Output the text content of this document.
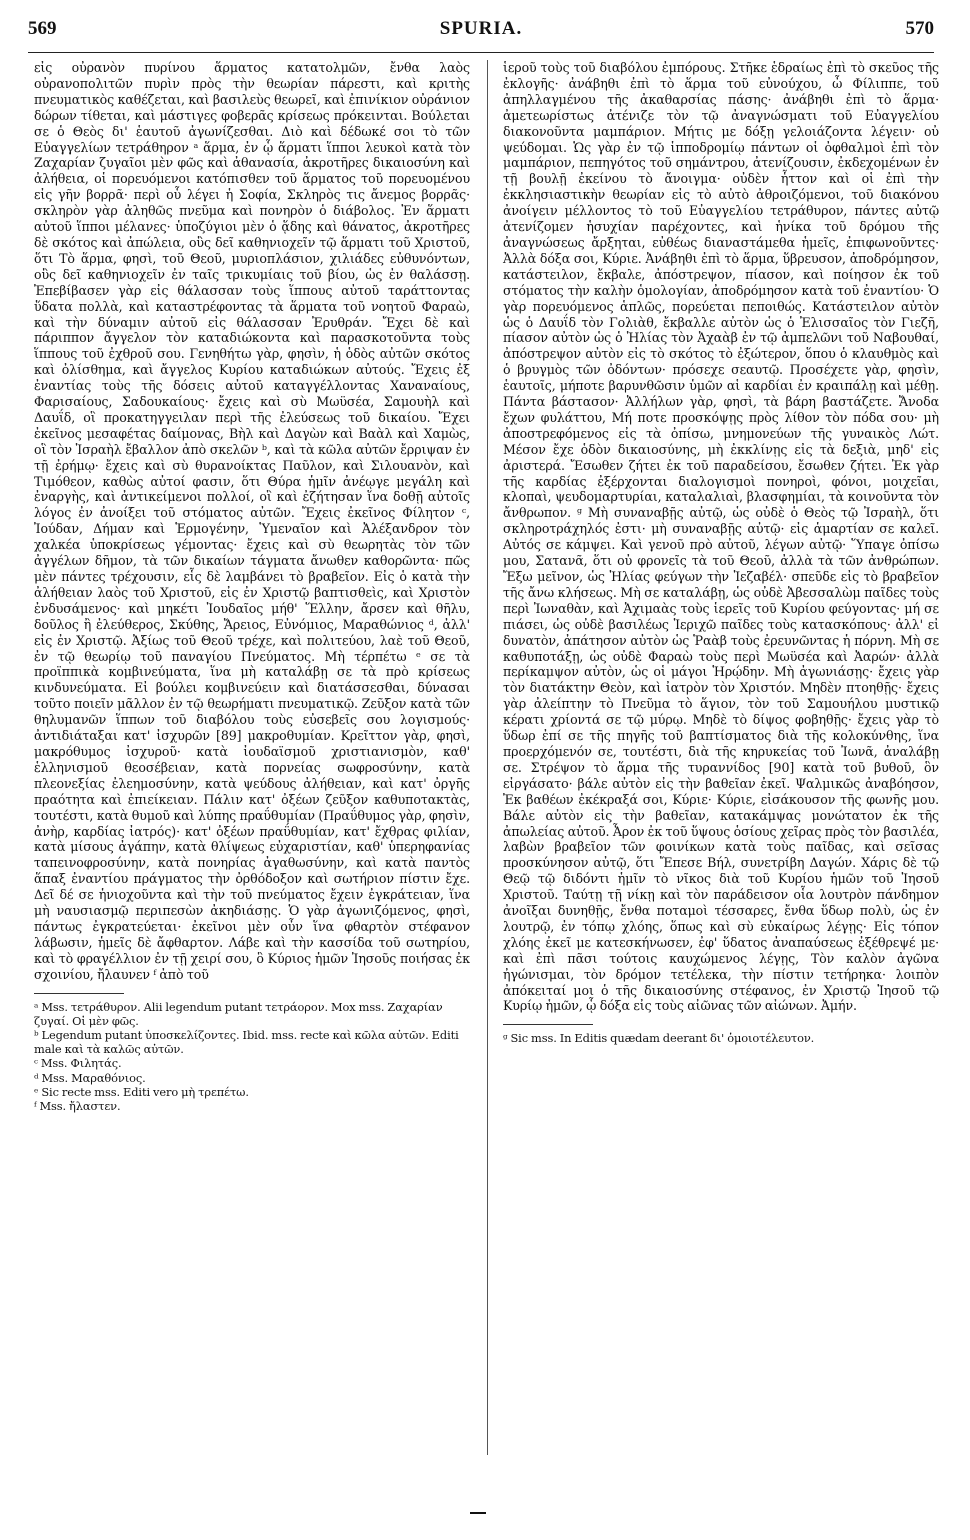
569	SPURIA.	570
εἰς οὐρανὸν πυρίνου ἅρματος κατατολμῶν, ἔνθα λαὸς οὐρανοπολιτῶν πυρὶν πρὸς τὴν θεωρίαν πάρεστι, καὶ κριτὴς πνευματικὸς καθέζεται, καὶ βασιλεὺς θεωρεῖ, καὶ ἐπινίκιον οὐράνιον δώρων τίθεται, καὶ μάστιγες φοβερᾶς κρίσεως πρόκεινται. Βούλεται σε ὁ Θεὸς δι' ἑαυτοῦ ἀγωνίζεσθαι. Διὸ καὶ δέδωκέ σοι τὸ τῶν Εὐαγγελίων τετράθηρον ᵃ ἅρμα, ἐν ᾧ ἅρματι ἵπποι λευκοὶ κατὰ τὸν Ζαχαρίαν ζυγαῖοι μὲν φῶς καὶ ἀθανασία, ἀκροτῆρες δικαιοσύνη καὶ ἀλήθεια, οἱ πορευόμενοι κατόπισθεν τοῦ ἅρματος τοῦ πορευομένου εἰς γῆν βορρᾶ· περὶ οὗ λέγει ἡ Σοφία, Σκληρὸς τις ἄνεμος βορρᾶς· σκληρὸν γὰρ ἀληθῶς πνεῦμα καὶ πονηρὸν ὁ διάβολος. Ἐν ἅρματι αὐτοῦ ἵπποι μέλανες· ὑποζύγιοι μὲν ὁ ᾅδης καὶ θάνατος, ἀκροτῆρες δὲ σκότος καὶ ἀπώλεια, οὓς δεῖ καθηνιοχεῖν τῷ ἅρματι τοῦ Χριστοῦ, ὅτι Τὸ ἅρμα, φησὶ, τοῦ Θεοῦ, μυριοπλάσιον, χιλιάδες εὐθυνόντων, οὓς δεῖ καθηνιοχεῖν ἐν ταῖς τρικυμίαις τοῦ βίου, ὡς ἐν θαλάσσῃ. Ἐπεβίβασεν γὰρ εἰς θάλασσαν τοὺς ἵππους αὐτοῦ ταράττοντας ὕδατα πολλὰ, καὶ καταστρέφοντας τὰ ἅρματα τοῦ νοητοῦ Φαραὼ, καὶ τὴν δύναμιν αὐτοῦ εἰς θάλασσαν Ἐρυθράν. Ἔχει δὲ καὶ πάριππον ἄγγελον τὸν καταδιώκοντα καὶ παρασκοτοῦντα τοὺς ἵππους τοῦ ἐχθροῦ σου. Γενηθήτω γὰρ, φησὶν, ἡ ὁδὸς αὐτῶν σκότος καὶ ὀλίσθημα, καὶ ἄγγελος Κυρίου καταδιώκων αὐτούς. Ἔχεις ἐξ ἐναντίας τοὺς τῆς δόσεις αὐτοῦ καταγγέλλοντας Χαναναίους, Φαρισαίους, Σαδουκαίους· ἔχεις καὶ σὺ Μωϋσέα, Σαμουὴλ καὶ Δαυΐδ, οἳ προκατηγγειλαν περὶ τῆς ἐλεύσεως τοῦ δικαίου. Ἔχει ἐκεῖνος μεσαφέτας δαίμονας, Βὴλ καὶ Δαγὼν καὶ Βαὰλ καὶ Χαμὼς, οἳ τὸν Ἰσραὴλ ἔβαλλον ἀπὸ σκελῶν ᵇ, καὶ τὰ κῶλα αὐτῶν ἔρριψαν ἐν τῇ ἐρήμῳ· ἔχεις καὶ σὺ θυρανοίκτας Παῦλον, καὶ Σιλουανὸν, καὶ Τιμόθεον, καθὼς αὐτοί φασιν, ὅτι Θύρα ἡμῖν ἀνέῳγε μεγάλη καὶ ἐναργὴς, καὶ ἀντικείμενοι πολλοί, οἳ καὶ ἐζήτησαν ἵνα δοθῇ αὐτοῖς λόγος ἐν ἀνοίξει τοῦ στόματος αὐτῶν. Ἔχεις ἐκεῖνος Φίλητον ᶜ, Ἰούδαν, Δήμαν καὶ Ἑρμογένην, Ὑμεναῖον καὶ Ἀλέξανδρον τὸν χαλκέα ὑποκρίσεως γέμοντας· ἔχεις καὶ σὺ θεωρητὰς τὸν τῶν ἀγγέλων δῆμον, τὰ τῶν δικαίων τάγματα ἄνωθεν καθορῶντα· πῶς μὲν πάντες τρέχουσιν, εἷς δὲ λαμβάνει τὸ βραβεῖον. Εἰς ὁ κατὰ τὴν ἀλήθειαν λαὸς τοῦ Χριστοῦ, εἰς ἐν Χριστῷ βαπτισθεὶς, καὶ Χριστὸν ἐνδυσάμενος· καὶ μηκέτι Ἰουδαῖος μήθ' Ἕλλην, ἄρσεν καὶ θῆλυ, δοῦλος ἢ ἐλεύθερος, Σκύθης, Ἄρειος, Εὐνόμιος, Μαραθώνιος ᵈ, ἀλλ' εἰς ἐν Χριστῷ. Ἀξίως τοῦ Θεοῦ τρέχε, καὶ πολιτεύου, λαὲ τοῦ Θεοῦ, ἐν τῷ θεωρίῳ τοῦ παναγίου Πνεύματος. Μὴ τέρπέτω ᵉ σε τὰ προϊππικὰ κομβινεύματα, ἵνα μὴ καταλάβῃ σε τὰ πρὸ κρίσεως κινδυνεύματα. Εἰ βούλει κομβινεύειν καὶ διατάσσεσθαι, δύνασαι τοῦτο ποιεῖν μᾶλλον ἐν τῷ θεωρήματι πνευματικῷ. Ζεῦξον κατὰ τῶν θηλυμανῶν ἵππων τοῦ διαβόλου τοὺς εὐσεβεῖς σου λογισμούς· ἀντιδιάταξαι κατ' ἰσχυρῶν [89] μακροθυμίαν. Κρεῖττον γὰρ, φησὶ, μακρόθυμος ἰσχυροῦ· κατὰ ἰουδαϊσμοῦ χριστιανισμὸν, καθ' ἑλληνισμοῦ θεοσέβειαν, κατὰ πορνείας σωφροσύνην, κατὰ πλεονεξίας ἐλεημοσύνην, κατὰ ψεύδους ἀλήθειαν, καὶ κατ' ὀργῆς πραότητα καὶ ἐπιείκειαν. Πάλιν κατ' ὀξέων ζεῦξον καθυποτακτὰς, τουτέστι, κατὰ θυμοῦ καὶ λύπης πραΰθυμίαν (Πραΰθυμος γὰρ, φησὶν, ἀνὴρ, καρδίας ἰατρός)· κατ' ὀξέων πραΰθυμίαν, κατ' ἔχθρας φιλίαν, κατὰ μίσους ἀγάπην, κατὰ θλίψεως εὐχαριστίαν, καθ' ὑπερηφανίας ταπεινοφροσύνην, κατὰ πονηρίας ἀγαθωσύνην, καὶ κατὰ παντὸς ἅπαξ ἐναντίου πράγματος τὴν ὀρθόδοξον καὶ σωτήριον πίστιν ἔχε. Δεῖ δέ σε ἡνιοχοῦντα καὶ τὴν τοῦ πνεύματος ἔχειν ἐγκράτειαν, ἵνα μὴ ναυσιασμῷ περιπεσὼν ἀκηδιάσῃς. Ὁ γὰρ ἀγωνιζόμενος, φησὶ, πάντως ἐγκρατεύεται· ἐκεῖνοι μὲν οὖν ἵνα φθαρτὸν στέφανον λάβωσιν, ἡμεῖς δὲ ἄφθαρτον. Λάβε καὶ τὴν κασσίδα τοῦ σωτηρίου, καὶ τὸ φραγέλλιον ἐν τῇ χειρί σου, ὃ Κύριος ἡμῶν Ἰησοῦς ποιήσας ἐκ σχοινίου, ἤλαυνεν ᶠ ἀπὸ τοῦ
ᵃ Mss. τετράθυρον. Alii legendum putant τετράορον. Mox mss. Ζαχαρίαν ζυγαί. Οἱ μὲν φῶς.
ᵇ Legendum putant ὑποσκελίζοντες. Ibid. mss. recte καὶ κῶλα αὐτῶν. Editi male καὶ τὰ καλῶς αὐτῶν.
ᶜ Mss. Φιλητάς.
ᵈ Mss. Μαραθόνιος.
ᵉ Sic recte mss. Editi vero μὴ τρεπέτω.
ᶠ Mss. ἤλαστεν.
ἱεροῦ τοὺς τοῦ διαβόλου ἐμπόρους. Στῆκε ἑδραίως ἐπὶ τὸ σκεῦος τῆς ἐκλογῆς· ἀνάβηθι ἐπὶ τὸ ἅρμα τοῦ εὐνούχου, ὦ Φίλιππε, τοῦ ἀπηλλαγμένου τῆς ἀκαθαρσίας πάσης· ἀνάβηθι ἐπὶ τὸ ἅρμα· ἀμετεωρίστως ἀτένιζε τὸν τῷ ἀναγνώσματι τοῦ Εὐαγγελίου διακονοῦντα μαμπάριον. Μήτις με δόξῃ γελοιάζοντα λέγειν· οὐ ψεύδομαι. Ὡς γὰρ ἐν τῷ ἱπποδρομίῳ πάντων οἱ ὀφθαλμοὶ ἐπὶ τὸν μαμπάριον, πεπηγότος τοῦ σημάντρου, ἀτενίζουσιν, ἐκδεχομένων ἐν τῇ βουλῇ ἐκείνου τὸ ἄνοιγμα· οὐδὲν ἧττον καὶ οἱ ἐπὶ τὴν ἐκκλησιαστικὴν θεωρίαν εἰς τὸ αὐτὸ ἀθροιζόμενοι, τοῦ διακόνου ἀνοίγειν μέλλοντος τὸ τοῦ Εὐαγγελίου τετράθυρον, πάντες αὐτῷ ἀτενίζομεν ἡσυχίαν παρέχοντες, καὶ ἡνίκα τοῦ δρόμου τῆς ἀναγνώσεως ἄρξηται, εὐθέως διαναστάμεθα ἡμεῖς, ἐπιφωνοῦντες· Ἀλλὰ δόξα σοι, Κύριε. Ἀνάβηθι ἐπὶ τὸ ἅρμα, ὕβρευσον, ἀποδρόμησον, κατάστειλον, ἔκβαλε, ἀπόστρεψον, πίασον, καὶ ποίησον ἐκ τοῦ στόματος τὴν καλὴν ὁμολογίαν, ἀποδρόμησον κατὰ τοῦ ἐναντίου· Ὁ γὰρ πορευόμενος ἁπλῶς, πορεύεται πεποιθώς. Κατάστειλον αὐτὸν ὡς ὁ Δαυΐδ τὸν Γολιὰθ, ἔκβαλλε αὐτὸν ὡς ὁ Ἐλισσαῖος τὸν Γιεζῆ, πίασον αὐτὸν ὡς ὁ Ἠλίας τὸν Ἀχαὰβ ἐν τῷ ἀμπελῶνι τοῦ Ναβουθαί, ἀπόστρεψον αὐτὸν εἰς τὸ σκότος τὸ ἐξώτερον, ὅπου ὁ κλαυθμὸς καὶ ὁ βρυγμὸς τῶν ὀδόντων· πρόσεχε σεαυτῷ. Προσέχετε γὰρ, φησὶν, ἑαυτοῖς, μήποτε βαρυνθῶσιν ὑμῶν αἱ καρδίαι ἐν κραιπάλῃ καὶ μέθῃ. Πάντα βάστασον· Ἀλλήλων γὰρ, φησὶ, τὰ βάρη βαστάζετε. Ἄνοδα ἔχων φυλάττου, Μή ποτε προσκόψῃς πρὸς λίθον τὸν πόδα σου· μὴ ἀποστρεφόμενος εἰς τὰ ὀπίσω, μνημονεύων τῆς γυναικὸς Λώτ. Μέσον ἔχε ὁδὸν δικαιοσύνης, μὴ ἐκκλίνῃς εἰς τὰ δεξιὰ, μηδ' εἰς ἀριστερά. Ἔσωθεν ζήτει ἐκ τοῦ παραδείσου, ἔσωθεν ζήτει. Ἐκ γὰρ τῆς καρδίας ἐξέρχονται διαλογισμοὶ πονηροὶ, φόνοι, μοιχεῖαι, κλοπαὶ, ψευδομαρτυρίαι, καταλαλιαὶ, βλασφημίαι, τὰ κοινοῦντα τὸν ἄνθρωπον. ᵍ Μὴ συναναβῇς αὐτῷ, ὡς οὐδὲ ὁ Θεὸς τῷ Ἰσραὴλ, ὅτι σκληροτράχηλός ἐστι· μὴ συναναβῇς αὐτῷ· εἰς ἁμαρτίαν σε καλεῖ. Αὐτός σε κάμψει. Καὶ γενοῦ πρὸ αὐτοῦ, λέγων αὐτῷ· Ὕπαγε ὀπίσω μου, Σατανᾶ, ὅτι οὐ φρονεῖς τὰ τοῦ Θεοῦ, ἀλλὰ τὰ τῶν ἀνθρώπων. Ἔξω μεῖνον, ὡς Ἠλίας φεύγων τὴν Ἰεζαβέλ· σπεῦδε εἰς τὸ βραβεῖον τῆς ἄνω κλήσεως. Μὴ σε καταλάβῃ, ὡς οὐδὲ Ἀβεσσαλὼμ παῖδες τοὺς περὶ Ἰωναθὰν, καὶ Ἀχιμαὰς τοὺς ἱερεῖς τοῦ Κυρίου φεύγοντας· μή σε πιάσει, ὡς οὐδὲ βασιλέως Ἱεριχῶ παῖδες τοὺς κατασκόπους· ἀλλ' εἰ δυνατὸν, ἀπάτησον αὐτὸν ὡς Ῥαὰβ τοὺς ἐρευνῶντας ἡ πόρνη. Μὴ σε καθυποτάξῃ, ὡς οὐδὲ Φαραὼ τοὺς περὶ Μωϋσέα καὶ Ἀαρών· ἀλλὰ περίκαμψον αὐτὸν, ὡς οἱ μάγοι Ἡρῴδην. Μὴ ἀγωνιάσῃς· ἔχεις γὰρ τὸν διατάκτην Θεὸν, καὶ ἰατρὸν τὸν Χριστόν. Μηδὲν πτοηθῇς· ἔχεις γὰρ ἀλείπτην τὸ Πνεῦμα τὸ ἅγιον, τὸν τοῦ Σαμουήλου μυστικῷ κέρατι χρίοντά σε τῷ μύρῳ. Μηδὲ τὸ δίψος φοβηθῇς· ἔχεις γὰρ τὸ ὕδωρ ἐπί σε τῆς πηγῆς τοῦ βαπτίσματος διὰ τῆς κολοκύνθης, ἵνα προερχόμενόν σε, τουτέστι, διὰ τῆς κηρυκείας τοῦ Ἰωνᾶ, ἀναλάβῃ σε. Στρέψον τὸ ἅρμα τῆς τυραννίδος [90] κατὰ τοῦ βυθοῦ, ὃν εἰργάσατο· βάλε αὐτὸν εἰς τὴν βαθεῖαν ἐκεῖ. Ψαλμικῶς ἀναβόησον, Ἐκ βαθέων ἐκέκραξά σοι, Κύριε· Κύριε, εἰσάκουσον τῆς φωνῆς μου. Βάλε αὐτὸν εἰς τὴν βαθεῖαν, κατακάμψας μονώτατον ἐκ τῆς ἀπωλείας αὐτοῦ. Ἆρον ἐκ τοῦ ὕψους ὁσίους χεῖρας πρὸς τὸν βασιλέα, λαβὼν βραβεῖον τῶν φοινίκων κατὰ τοὺς παῖδας, καὶ σεῖσας προσκύνησον αὐτῷ, ὅτι Ἔπεσε Βήλ, συνετρίβη Δαγών. Χάρις δὲ τῷ Θεῷ τῷ διδόντι ἡμῖν τὸ νῖκος διὰ τοῦ Κυρίου ἡμῶν τοῦ Ἰησοῦ Χριστοῦ. Ταύτῃ τῇ νίκῃ καὶ τὸν παράδεισον οἷα λουτρὸν πάνδημον ἀνοῖξαι δυνηθῇς, ἔνθα ποταμοὶ τέσσαρες, ἔνθα ὕδωρ πολὺ, ὡς ἐν λουτρῷ, ἐν τόπῳ χλόης, ὅπως καὶ σὺ εὐκαίρως λέγῃς· Εἰς τόπον χλόης ἐκεῖ με κατεσκήνωσεν, ἐφ' ὕδατος ἀναπαύσεως ἐξέθρεψέ με· καὶ ἐπὶ πᾶσι τούτοις καυχώμενος λέγῃς, Τὸν καλὸν ἀγῶνα ἠγώνισμαι, τὸν δρόμον τετέλεκα, τὴν πίστιν τετήρηκα· λοιπὸν ἀπόκειταί μοι ὁ τῆς δικαιοσύνης στέφανος, ἐν Χριστῷ Ἰησοῦ τῷ Κυρίῳ ἡμῶν, ᾧ δόξα εἰς τοὺς αἰῶνας τῶν αἰώνων. Ἀμήν.
ᵍ Sic mss. In Editis quædam deerant δι' ὁμοιοτέλευτον.
